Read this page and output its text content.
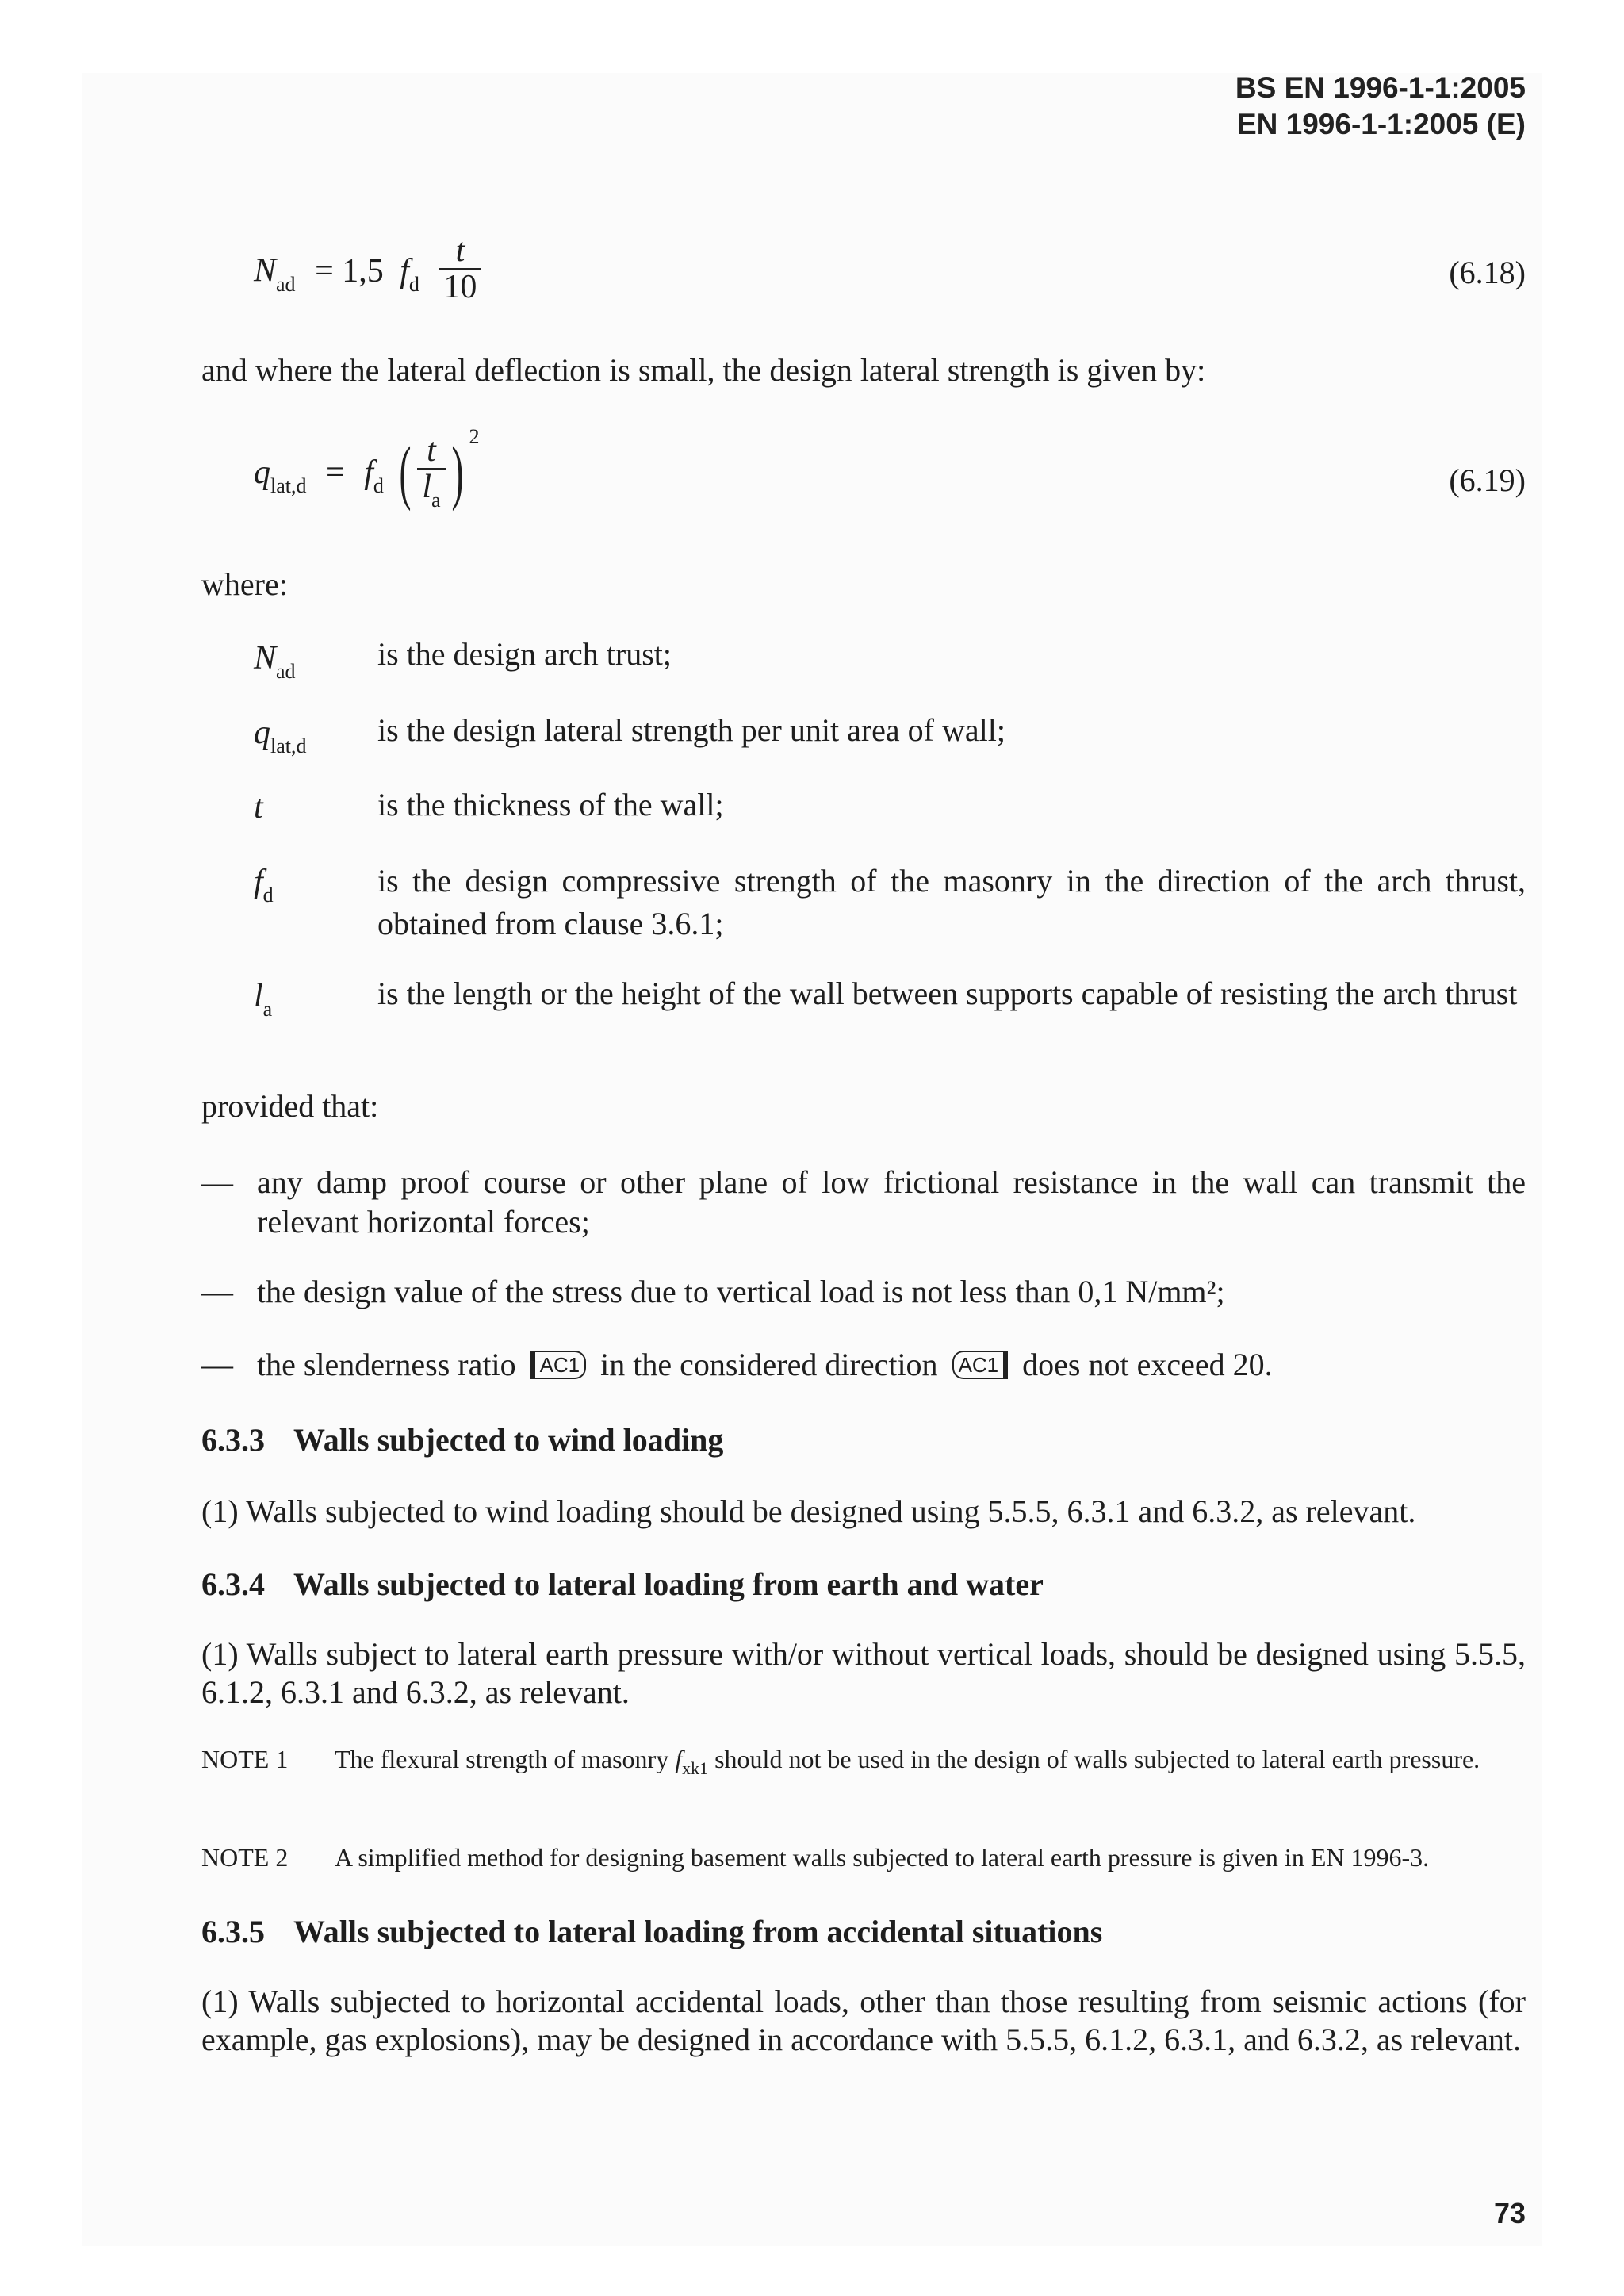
BS EN 1996-1-1:2005
EN 1996-1-1:2005 (E)
$N_{ad} = 1,5$ $f_d \frac{t}{10}$	(6.18)
and where the lateral deflection is small, the design lateral strength is given by:
$q_{lat,d} = f_d$ ( $\frac{t}{l_a}$ ) $^2$
(6.19)
where:
$N_{ad}$	is the design arch trust;
$q_{lat,d}$ is the design lateral strength per unit area of wall;
t	is the thickness of the wall;
$f_d$	is the design compressive strength of the masonry in the direction of the arch thrust, obtained from clause 3.6.1;
$l_a$	is the length or the height of the wall between supports capable of resisting the arch thrust
provided that:
— any damp proof course or other plane of low frictional resistance in the wall can transmit the relevant horizontal forces;
— the design value of the stress due to vertical load is not less than 0,1 N/mm²;
— the slenderness ratio AC1 in the considered direction AC1 does not exceed 20.
6.3.3 Walls subjected to wind loading
(1) Walls subjected to wind loading should be designed using 5.5.5, 6.3.1 and 6.3.2, as relevant.
6.3.4 Walls subjected to lateral loading from earth and water
(1) Walls subject to lateral earth pressure with/or without vertical loads, should be designed using 5.5.5, 6.1.2, 6.3.1 and 6.3.2, as relevant.
NOTE 1 The flexural strength of masonry $f_{xk1}$ should not be used in the design of walls subjected to lateral earth pressure.
NOTE 2 A simplified method for designing basement walls subjected to lateral earth pressure is given in EN 1996-3.
6.3.5 Walls subjected to lateral loading from accidental situations
(1) Walls subjected to horizontal accidental loads, other than those resulting from seismic actions (for example, gas explosions), may be designed in accordance with 5.5.5, 6.1.2, 6.3.1, and 6.3.2, as relevant.
73
